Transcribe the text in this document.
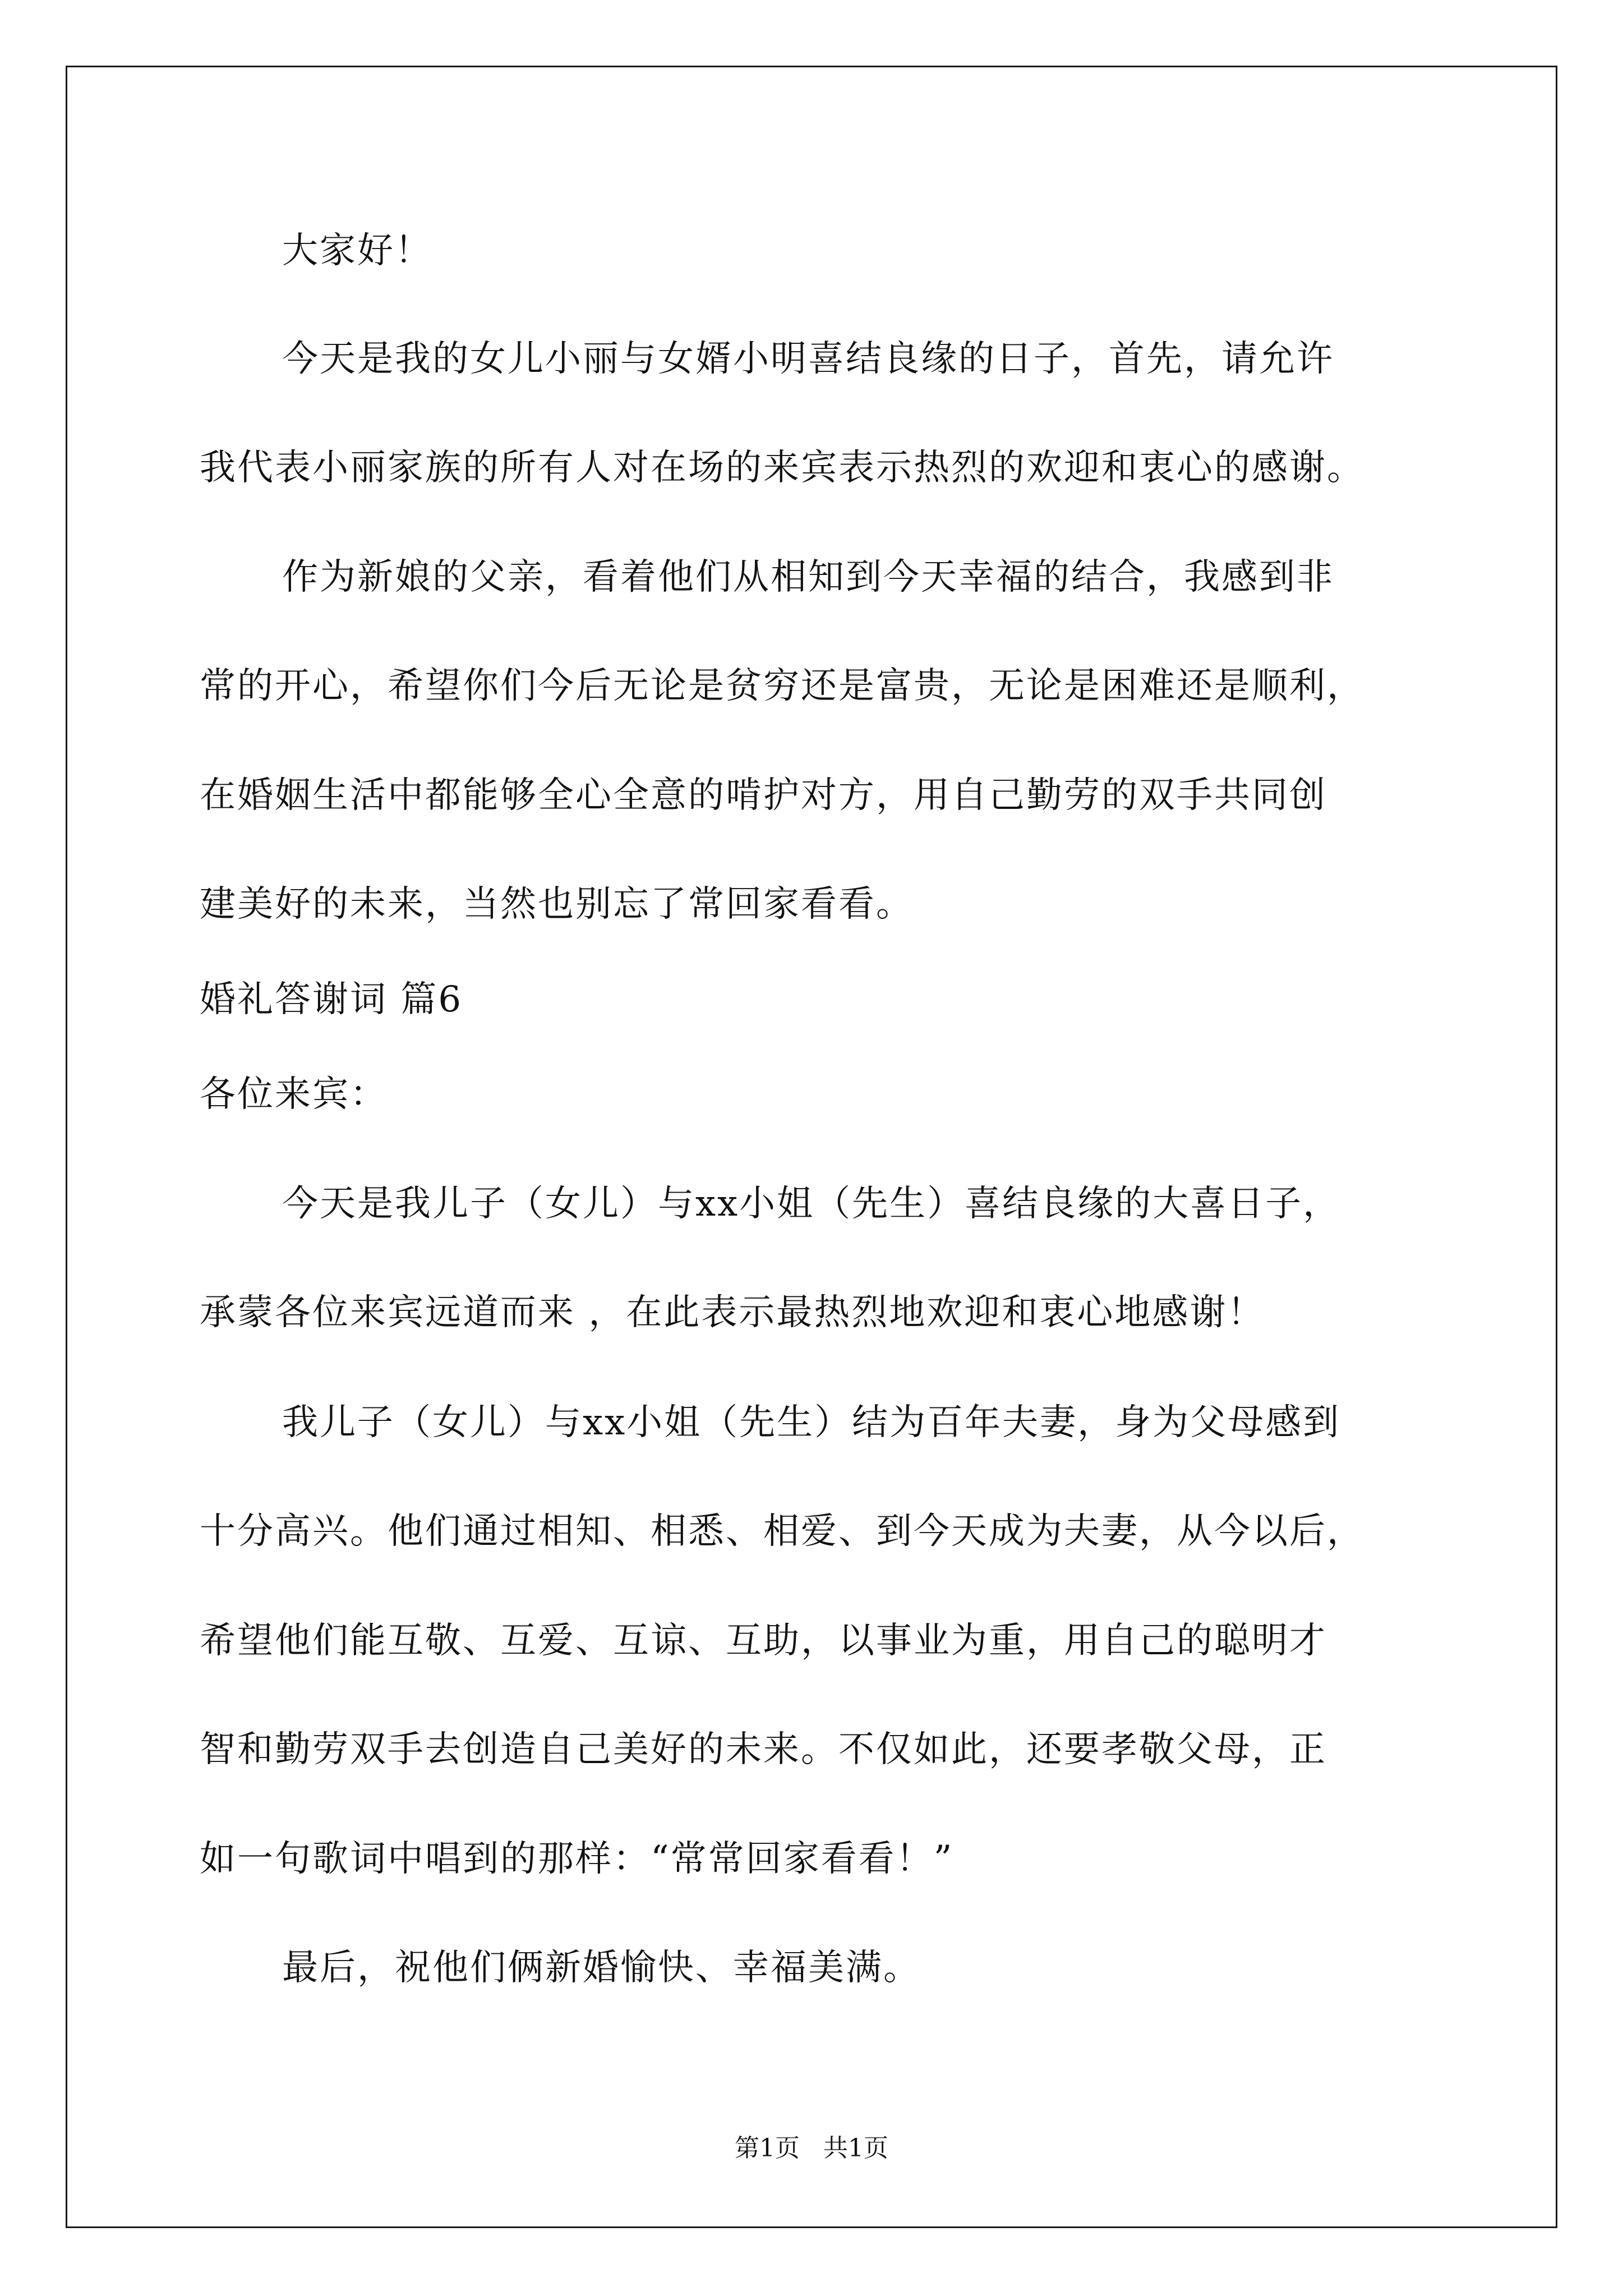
大家好！
今天是我的女儿小丽与女婿小明喜结良缘的日子，首先，请允许
我代表小丽家族的所有人对在场的来宾表示热烈的欢迎和衷心的感谢。
作为新娘的父亲，看着他们从相知到今天幸福的结合，我感到非
常的开心，希望你们今后无论是贫穷还是富贵，无论是困难还是顺利，
在婚姻生活中都能够全心全意的啃护对方，用自己勤劳的双手共同创
建美好的未来，当然也别忘了常回家看看。
婚礼答谢词 篇6
各位来宾：
今天是我儿子（女儿）与xx小姐（先生）喜结良缘的大喜日子，
承蒙各位来宾远道而来 ，在此表示最热烈地欢迎和衷心地感谢！
我儿子（女儿）与xx小姐（先生）结为百年夫妻，身为父母感到
十分高兴。他们通过相知、相悉、相爱、到今天成为夫妻，从今以后，
希望他们能互敬、互爱、互谅、互助，以事业为重，用自己的聪明才
智和勤劳双手去创造自己美好的未来。不仅如此，还要孝敬父母，正
如一句歌词中唱到的那样：“常常回家看看！”
最后，祝他们俩新婚愉快、幸福美满。
第1页   共1页
